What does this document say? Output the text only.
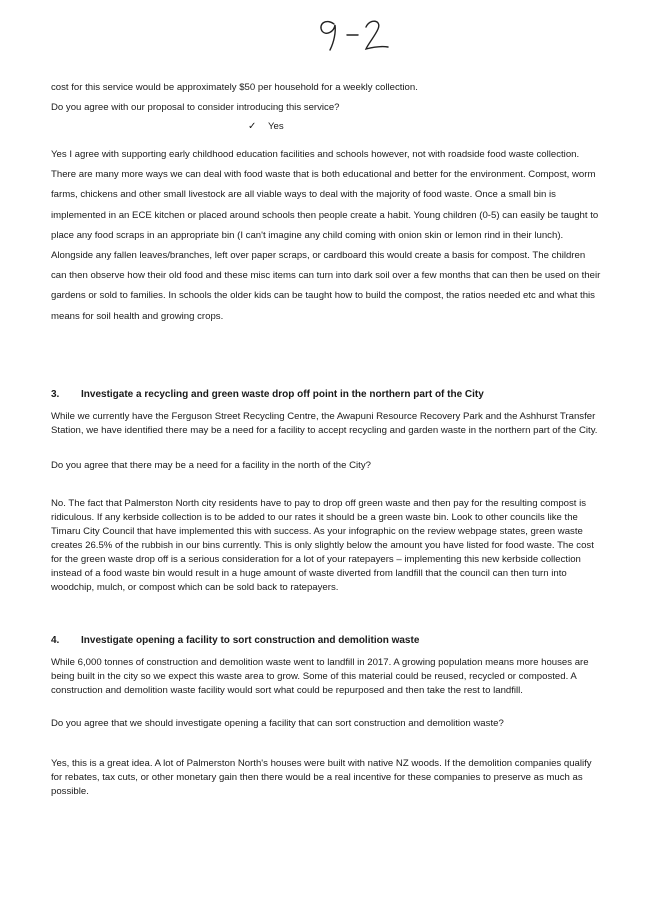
cost for this service would be approximately $50 per household for a weekly collection.

Do you agree with our proposal to consider introducing this service?

✓ Yes

Yes I agree with supporting early childhood education facilities and schools however, not with roadside food waste collection. There are many more ways we can deal with food waste that is both educational and better for the environment. Compost, worm farms, chickens and other small livestock are all viable ways to deal with the majority of food waste. Once a small bin is implemented in an ECE kitchen or placed around schools then people create a habit. Young children (0-5) can easily be taught to place any food scraps in an appropriate bin (I can't imagine any child coming with onion skin or lemon rind in their lunch). Alongside any fallen leaves/branches, left over paper scraps, or cardboard this would create a basis for compost. The children can then observe how their old food and these misc items can turn into dark soil over a few months that can then be used on their gardens or sold to families. In schools the older kids can be taught how to build the compost, the ratios needed etc and what this means for soil health and growing crops.

3. Investigate a recycling and green waste drop off point in the northern part of the City

While we currently have the Ferguson Street Recycling Centre, the Awapuni Resource Recovery Park and the Ashhurst Transfer Station, we have identified there may be a need for a facility to accept recycling and garden waste in the northern part of the City.

Do you agree that there may be a need for a facility in the north of the City?

No. The fact that Palmerston North city residents have to pay to drop off green waste and then pay for the resulting compost is ridiculous. If any kerbside collection is to be added to our rates it should be a green waste bin. Look to other councils like the Timaru City Council that have implemented this with success. As your infographic on the review webpage states, green waste creates 26.5% of the rubbish in our bins currently. This is only slightly below the amount you have listed for food waste. The cost for the green waste drop off is a serious consideration for a lot of your ratepayers – implementing this new kerbside collection instead of a food waste bin would result in a huge amount of waste diverted from landfill that the council can then turn into woodchip, mulch, or compost which can be sold back to ratepayers.

4. Investigate opening a facility to sort construction and demolition waste

While 6,000 tonnes of construction and demolition waste went to landfill in 2017. A growing population means more houses are being built in the city so we expect this waste area to grow. Some of this material could be reused, recycled or composted. A construction and demolition waste facility would sort what could be repurposed and then take the rest to landfill.

Do you agree that we should investigate opening a facility that can sort construction and demolition waste?

Yes, this is a great idea. A lot of Palmerston North's houses were built with native NZ woods. If the demolition companies qualify for rebates, tax cuts, or other monetary gain then there would be a real incentive for these companies to preserve as much as possible.
